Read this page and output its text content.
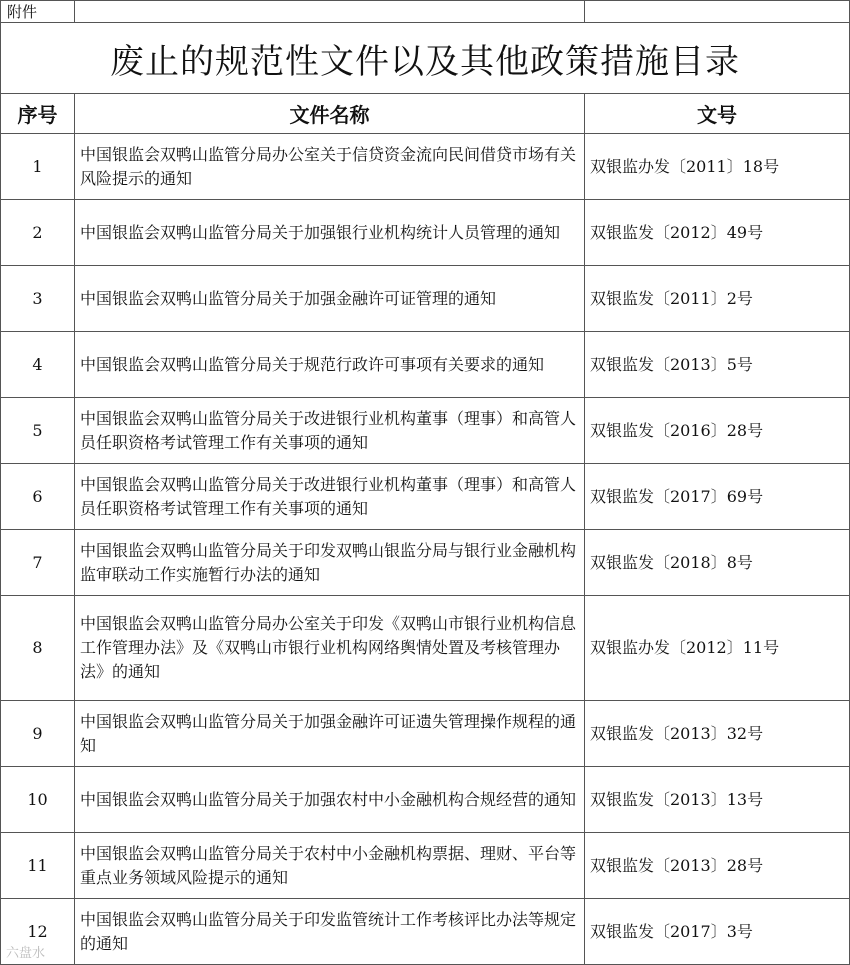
附件		
废止的规范性文件以及其他政策措施目录		
序号	文件名称	文号
1	中国银监会双鸭山监管分局办公室关于信贷资金流向民间借贷市场有关风险提示的通知	双银监办发〔2011〕18号
2	中国银监会双鸭山监管分局关于加强银行业机构统计人员管理的通知	双银监发〔2012〕49号
3	中国银监会双鸭山监管分局关于加强金融许可证管理的通知	双银监发〔2011〕2号
4	中国银监会双鸭山监管分局关于规范行政许可事项有关要求的通知	双银监发〔2013〕5号
5	中国银监会双鸭山监管分局关于改进银行业机构董事（理事）和高管人员任职资格考试管理工作有关事项的通知	双银监发〔2016〕28号
6	中国银监会双鸭山监管分局关于改进银行业机构董事（理事）和高管人员任职资格考试管理工作有关事项的通知	双银监发〔2017〕69号
7	中国银监会双鸭山监管分局关于印发双鸭山银监分局与银行业金融机构监审联动工作实施暂行办法的通知	双银监发〔2018〕8号
8	中国银监会双鸭山监管分局办公室关于印发《双鸭山市银行业机构信息工作管理办法》及《双鸭山市银行业机构网络舆情处置及考核管理办法》的通知	双银监办发〔2012〕11号
9	中国银监会双鸭山监管分局关于加强金融许可证遗失管理操作规程的通知	双银监发〔2013〕32号
10	中国银监会双鸭山监管分局关于加强农村中小金融机构合规经营的通知	双银监发〔2013〕13号
11	中国银监会双鸭山监管分局关于农村中小金融机构票据、理财、平台等重点业务领域风险提示的通知	双银监发〔2013〕28号
12	中国银监会双鸭山监管分局关于印发监管统计工作考核评比办法等规定的通知	双银监发〔2017〕3号
六盘水
